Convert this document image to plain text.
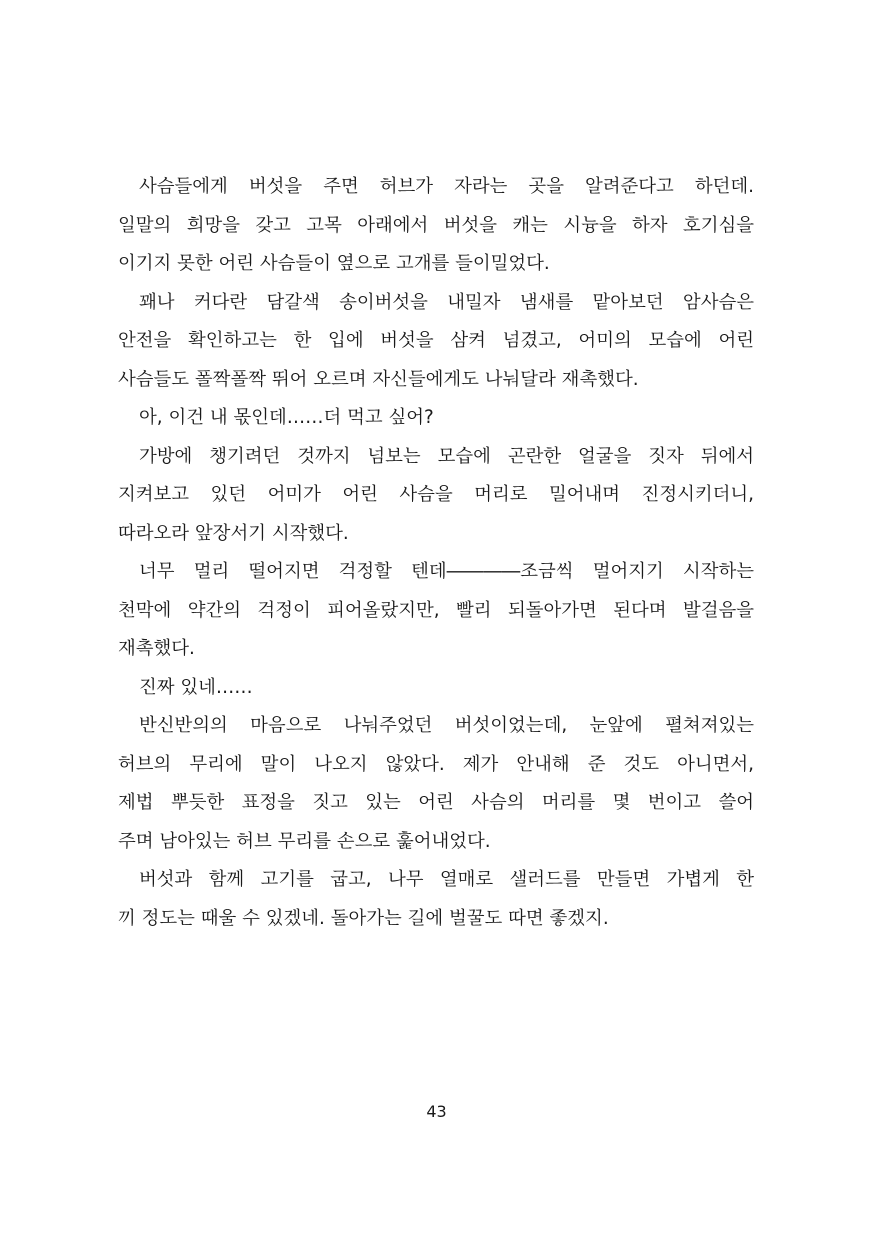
사슴들에게 버섯을 주면 허브가 자라는 곳을 알려준다고 하던데.
일말의 희망을 갖고 고목 아래에서 버섯을 캐는 시늉을 하자 호기심을
이기지 못한 어린 사슴들이 옆으로 고개를 들이밀었다.
꽤나 커다란 담갈색 송이버섯을 내밀자 냄새를 맡아보던 암사슴은
안전을 확인하고는 한 입에 버섯을 삼켜 넘겼고, 어미의 모습에 어린
사슴들도 폴짝폴짝 뛰어 오르며 자신들에게도 나눠달라 재촉했다.
아, 이건 내 몫인데……더 먹고 싶어?
가방에 챙기려던 것까지 넘보는 모습에 곤란한 얼굴을 짓자 뒤에서
지켜보고 있던 어미가 어린 사슴을 머리로 밀어내며 진정시키더니,
따라오라 앞장서기 시작했다.
너무 멀리 떨어지면 걱정할 텐데――――조금씩 멀어지기 시작하는
천막에 약간의 걱정이 피어올랐지만, 빨리 되돌아가면 된다며 발걸음을
재촉했다.
진짜 있네……
반신반의의 마음으로 나눠주었던 버섯이었는데, 눈앞에 펼쳐져있는
허브의 무리에 말이 나오지 않았다. 제가 안내해 준 것도 아니면서,
제법 뿌듯한 표정을 짓고 있는 어린 사슴의 머리를 몇 번이고 쓸어
주며 남아있는 허브 무리를 손으로 훑어내었다.
버섯과 함께 고기를 굽고, 나무 열매로 샐러드를 만들면 가볍게 한
끼 정도는 때울 수 있겠네. 돌아가는 길에 벌꿀도 따면 좋겠지.
43
